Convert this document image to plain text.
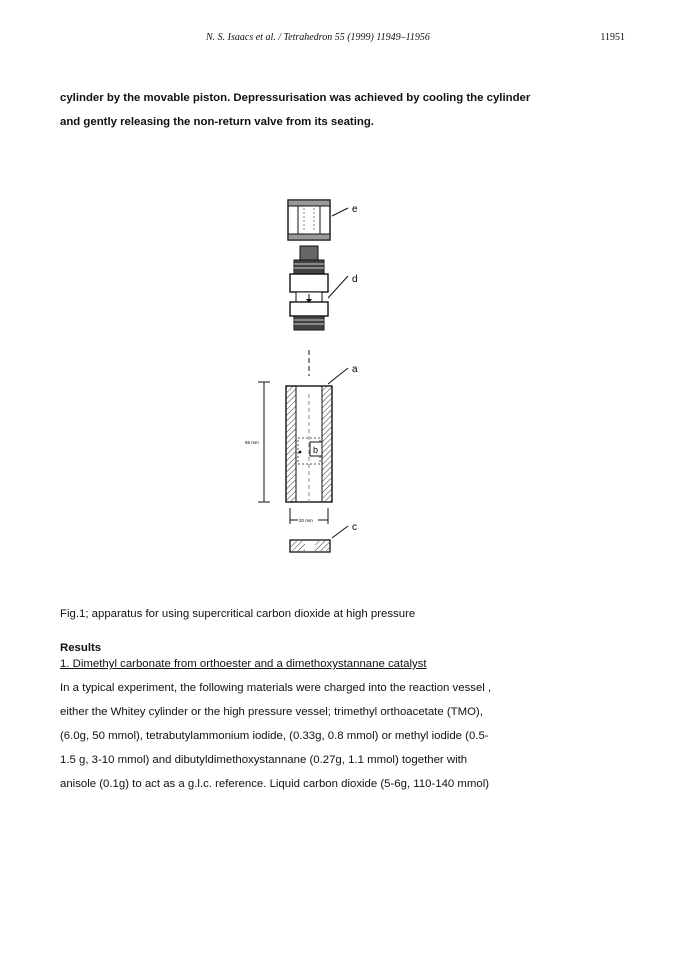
N. S. Isaacs et al. / Tetrahedron 55 (1999) 11949–11956	11951
cylinder by the movable piston. Depressurisation was achieved by cooling the cylinder
and gently releasing the non-return valve from its seating.
e
d
a
b
c
65 mm
20 mm
Fig.1; apparatus for using supercritical carbon dioxide at high pressure
Results
1. Dimethyl carbonate from orthoester and a dimethoxystannane catalyst
In a typical experiment, the following materials were charged into the reaction vessel ,
either the Whitey cylinder or the high pressure vessel; trimethyl orthoacetate (TMO),
(6.0g, 50 mmol), tetrabutylammonium iodide, (0.33g, 0.8 mmol) or methyl iodide (0.5-
1.5 g, 3-10 mmol) and dibutyldimethoxystannane (0.27g, 1.1 mmol) together with
anisole (0.1g) to act as a g.l.c. reference. Liquid carbon dioxide (5-6g, 110-140 mmol)
